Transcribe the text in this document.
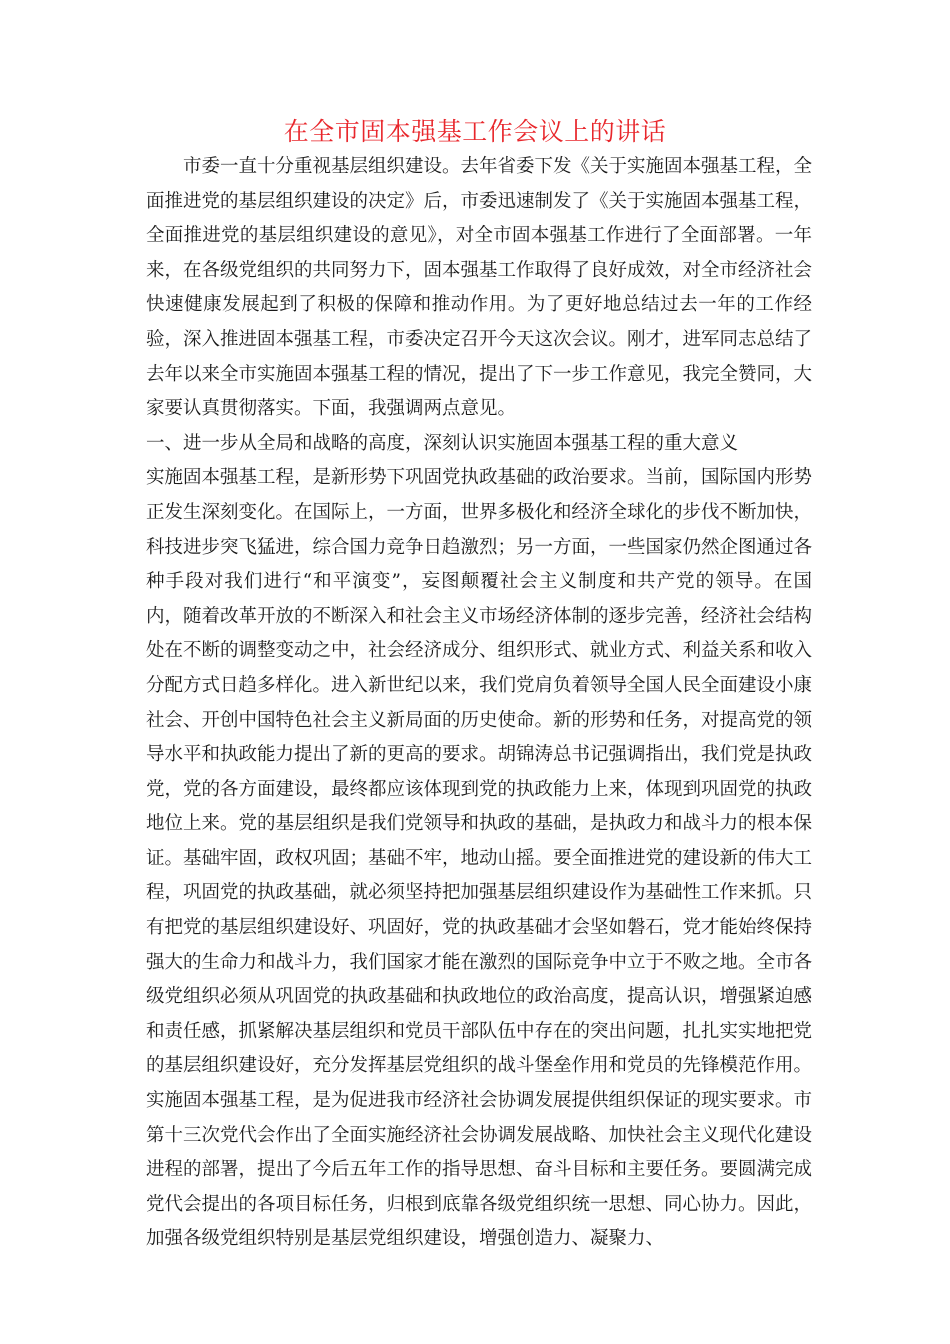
在全市固本强基工作会议上的讲话

市委一直十分重视基层组织建设。去年省委下发《关于实施固本强基工程，全面推进党的基层组织建设的决定》后，市委迅速制发了《关于实施固本强基工程，全面推进党的基层组织建设的意见》，对全市固本强基工作进行了全面部署。一年来，在各级党组织的共同努力下，固本强基工作取得了良好成效，对全市经济社会快速健康发展起到了积极的保障和推动作用。为了更好地总结过去一年的工作经验，深入推进固本强基工程，市委决定召开今天这次会议。刚才，进军同志总结了去年以来全市实施固本强基工程的情况，提出了下一步工作意见，我完全赞同，大家要认真贯彻落实。下面，我强调两点意见。

一、进一步从全局和战略的高度，深刻认识实施固本强基工程的重大意义

实施固本强基工程，是新形势下巩固党执政基础的政治要求。当前，国际国内形势正发生深刻变化。在国际上，一方面，世界多极化和经济全球化的步伐不断加快，科技进步突飞猛进，综合国力竞争日趋激烈；另一方面，一些国家仍然企图通过各种手段对我们进行“和平演变”，妄图颠覆社会主义制度和共产党的领导。在国内，随着改革开放的不断深入和社会主义市场经济体制的逐步完善，经济社会结构处在不断的调整变动之中，社会经济成分、组织形式、就业方式、利益关系和收入分配方式日趋多样化。进入新世纪以来，我们党肩负着领导全国人民全面建设小康社会、开创中国特色社会主义新局面的历史使命。新的形势和任务，对提高党的领导水平和执政能力提出了新的更高的要求。胡锦涛总书记强调指出，我们党是执政党，党的各方面建设，最终都应该体现到党的执政能力上来，体现到巩固党的执政地位上来。党的基层组织是我们党领导和执政的基础，是执政力和战斗力的根本保证。基础牢固，政权巩固；基础不牢，地动山摇。要全面推进党的建设新的伟大工程，巩固党的执政基础，就必须坚持把加强基层组织建设作为基础性工作来抓。只有把党的基层组织建设好、巩固好，党的执政基础才会坚如磐石，党才能始终保持强大的生命力和战斗力，我们国家才能在激烈的国际竞争中立于不败之地。全市各级党组织必须从巩固党的执政基础和执政地位的政治高度，提高认识，增强紧迫感和责任感，抓紧解决基层组织和党员干部队伍中存在的突出问题，扎扎实实地把党的基层组织建设好，充分发挥基层党组织的战斗堡垒作用和党员的先锋模范作用。

实施固本强基工程，是为促进我市经济社会协调发展提供组织保证的现实要求。市第十三次党代会作出了全面实施经济社会协调发展战略、加快社会主义现代化建设进程的部署，提出了今后五年工作的指导思想、奋斗目标和主要任务。要圆满完成党代会提出的各项目标任务，归根到底靠各级党组织统一思想、同心协力。因此，加强各级党组织特别是基层党组织建设，增强创造力、凝聚力、
